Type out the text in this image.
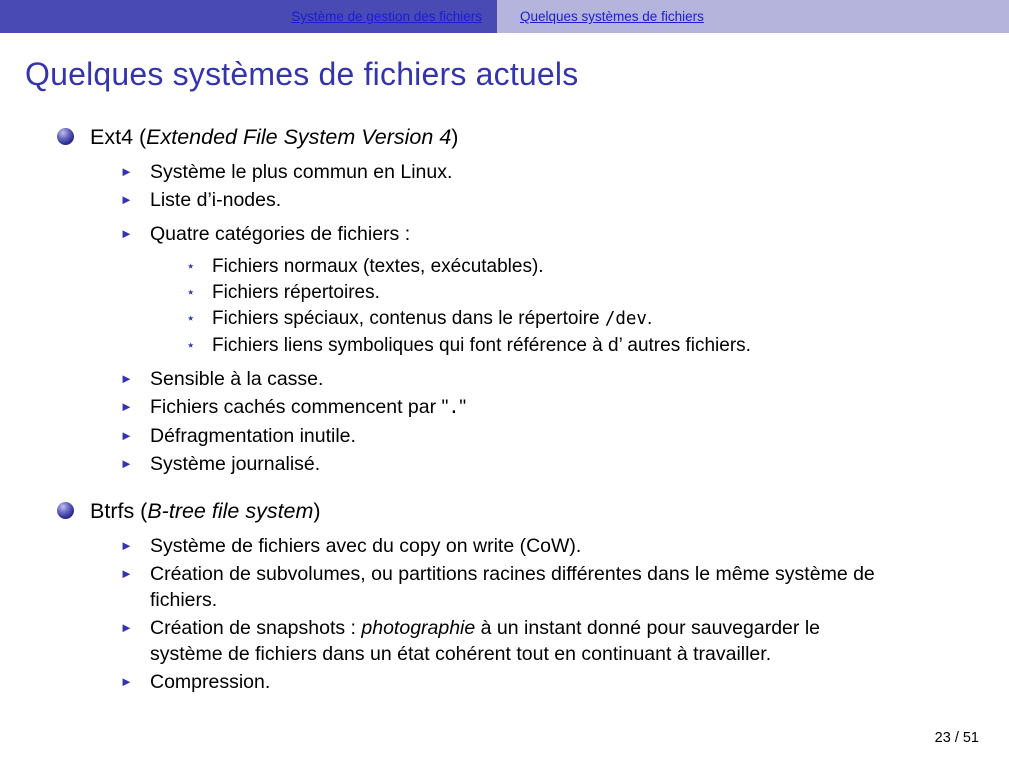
Système de gestion des fichiers	Quelques systèmes de fichiers
Quelques systèmes de fichiers actuels
Ext4 (Extended File System Version 4)
► Système le plus commun en Linux.
► Liste d’i-nodes.
► Quatre catégories de fichiers :
⋆ Fichiers normaux (textes, exécutables).
⋆ Fichiers répertoires.
⋆ Fichiers spéciaux, contenus dans le répertoire /dev.
⋆ Fichiers liens symboliques qui font référence à d’ autres fichiers.
► Sensible à la casse.
► Fichiers cachés commencent par "."
► Défragmentation inutile.
► Système journalisé.
Btrfs (B-tree file system)
► Système de fichiers avec du copy on write (CoW).
► Création de subvolumes, ou partitions racines différentes dans le même système de
fichiers.
► Création de snapshots : photographie à un instant donné pour sauvegarder le
système de fichiers dans un état cohérent tout en continuant à travailler.
► Compression.
23 / 51
